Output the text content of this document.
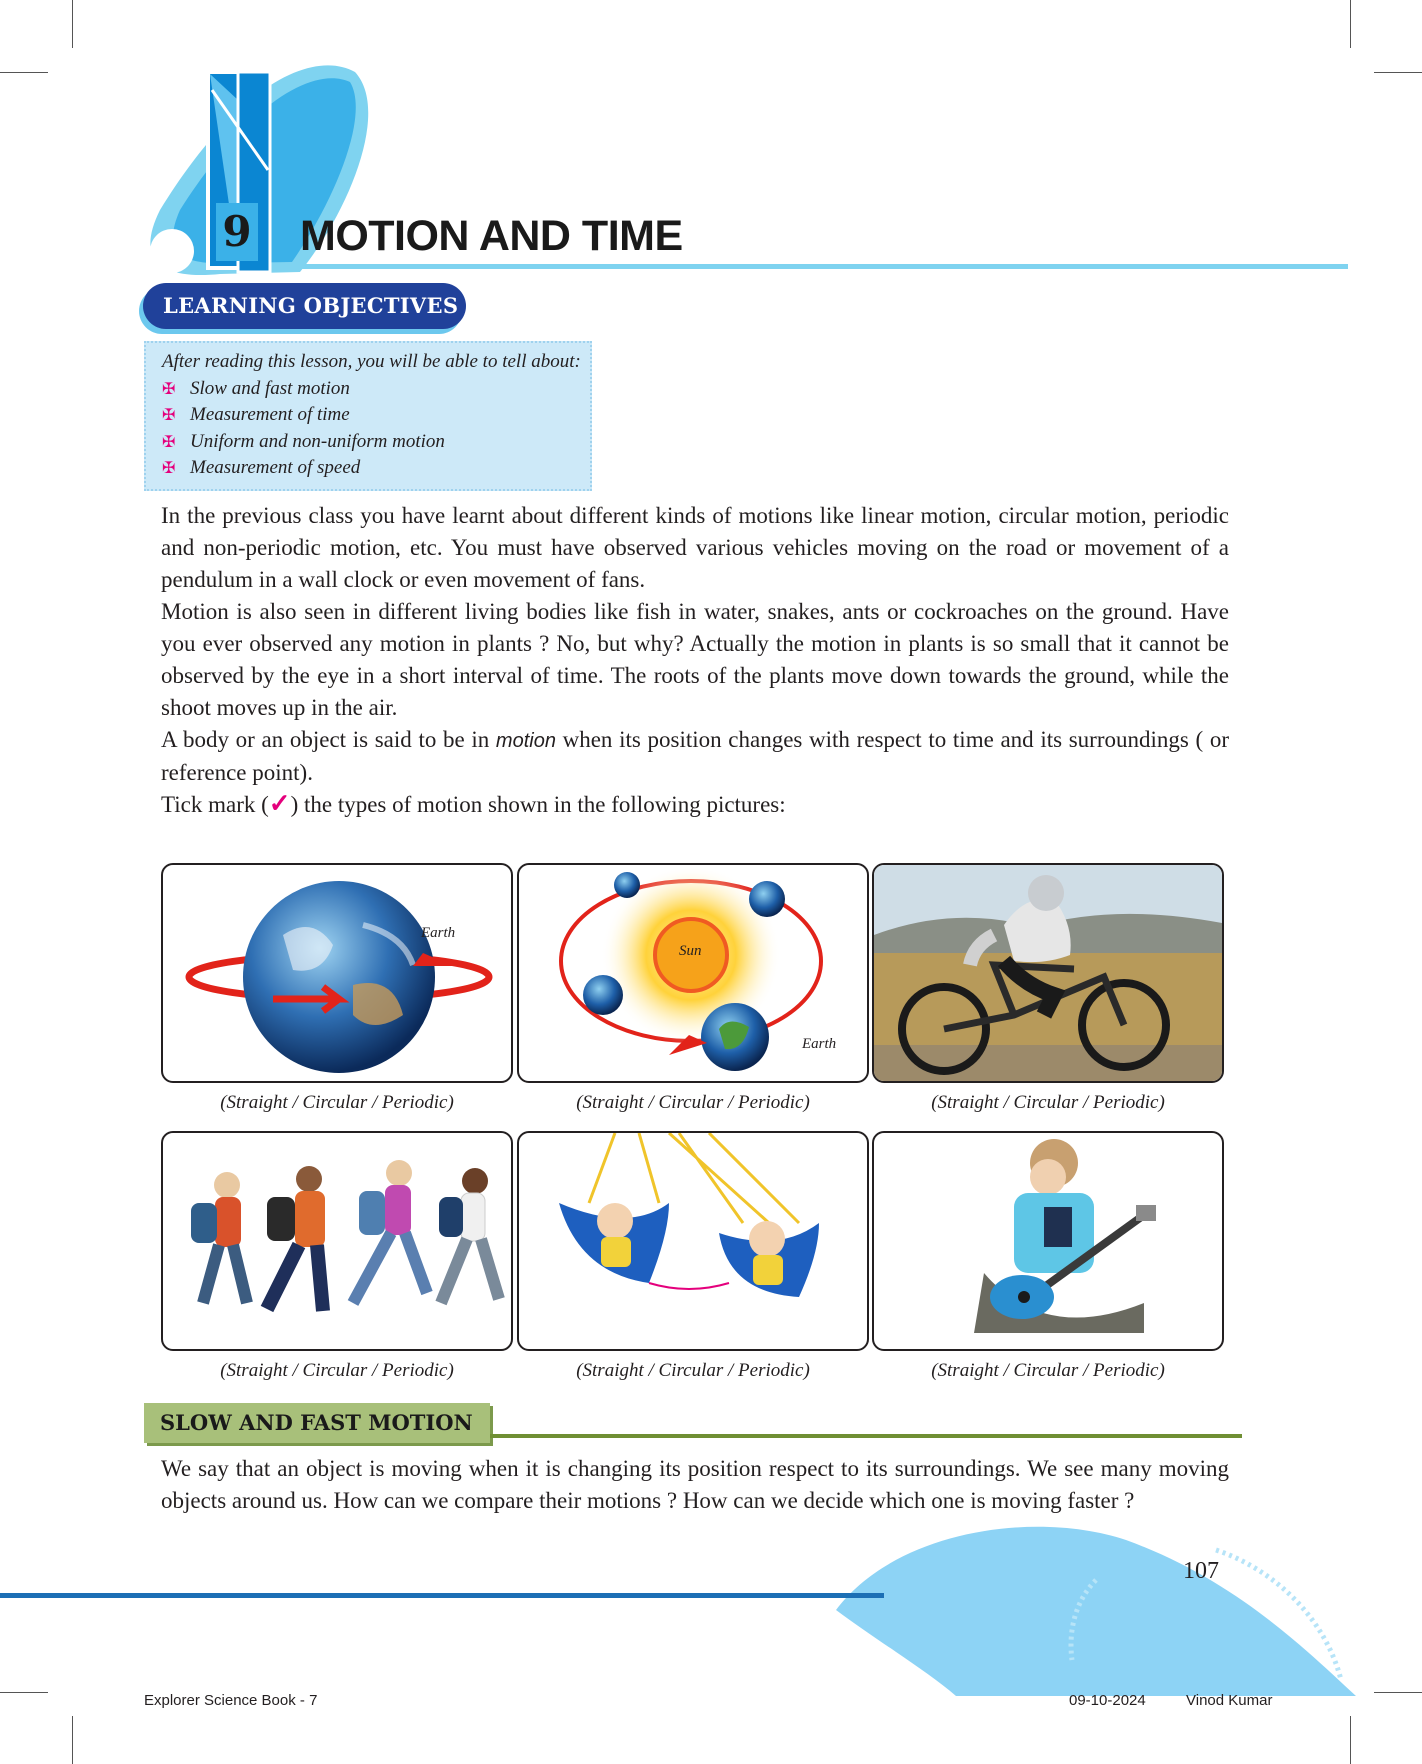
9 MOTION AND TIME
LEARNING OBJECTIVES
After reading this lesson, you will be able to tell about:
✠ Slow and fast motion
✠ Measurement of time
✠ Uniform and non-uniform motion
✠ Measurement of speed
In the previous class you have learnt about different kinds of motions like linear motion, circular motion, periodic and non-periodic motion, etc. You must have observed various vehicles moving on the road or movement of a pendulum in a wall clock or even movement of fans.
Motion is also seen in different living bodies like fish in water, snakes, ants or cockroaches on the ground. Have you ever observed any motion in plants ? No, but why? Actually the motion in plants is so small that it cannot be observed by the eye in a short interval of time. The roots of the plants move down towards the ground, while the shoot moves up in the air.
A body or an object is said to be in motion when its position changes with respect to time and its surroundings ( or reference point).
Tick mark (✓) the types of motion shown in the following pictures:
Earth
Sun
Earth
(Straight / Circular / Periodic)	(Straight / Circular / Periodic)	(Straight / Circular / Periodic)
(Straight / Circular / Periodic)	(Straight / Circular / Periodic)	(Straight / Circular / Periodic)
SLOW AND FAST MOTION
We say that an object is moving when it is changing its position respect to its surroundings. We see many moving objects around us. How can we compare their motions ? How can we decide which one is moving faster ?
107
Explorer Science Book - 7	09-10-2024	Vinod Kumar
